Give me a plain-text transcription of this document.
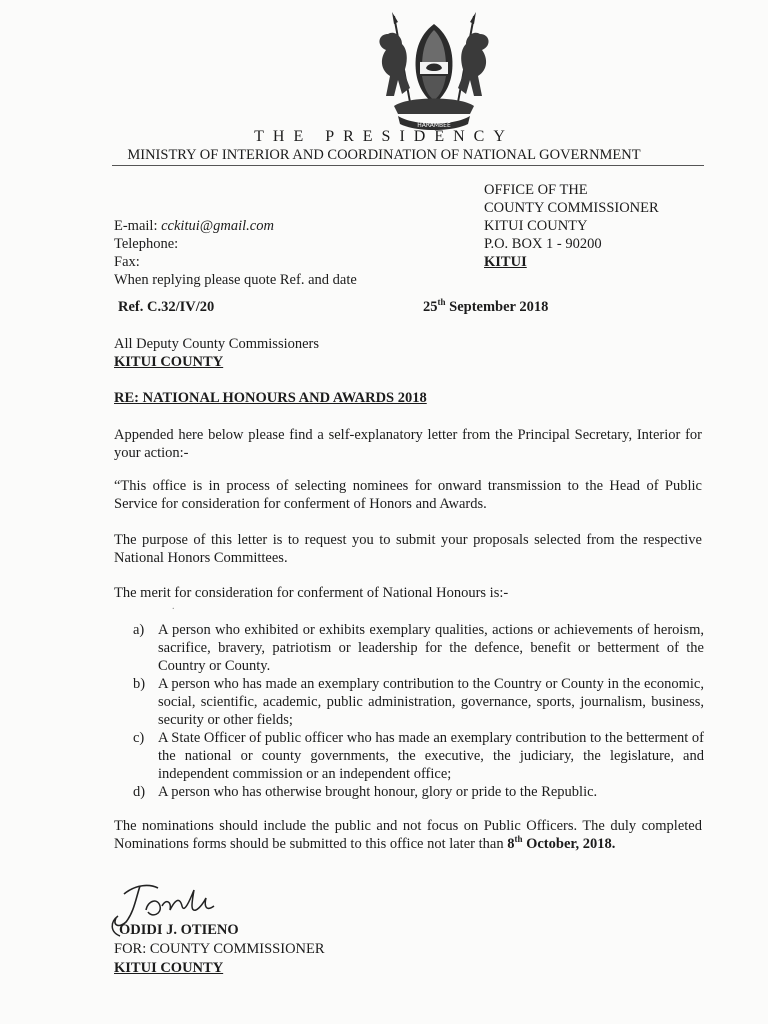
HARAMBEE
THE PRESIDENCY
MINISTRY OF INTERIOR AND COORDINATION OF NATIONAL GOVERNMENT
OFFICE OF THE
COUNTY COMMISSIONER
KITUI COUNTY
P.O. BOX 1 - 90200
KITUI
E-mail: cckitui@gmail.com
Telephone:
Fax:
When replying please quote Ref. and date
Ref. C.32/IV/20	25th September 2018
All Deputy County Commissioners
KITUI COUNTY
RE: NATIONAL HONOURS AND AWARDS 2018
Appended here below please find a self-explanatory letter from the Principal Secretary, Interior for your action:-
“This office is in process of selecting nominees for onward transmission to the Head of Public Service for consideration for conferment of Honors and Awards.
The purpose of this letter is to request you to submit your proposals selected from the respective National Honors Committees.
The merit for consideration for conferment of National Honours is:-
.
a) A person who exhibited or exhibits exemplary qualities, actions or achievements of heroism, sacrifice, bravery, patriotism or leadership for the defence, benefit or betterment of the Country or County.
b) A person who has made an exemplary contribution to the Country or County in the economic, social, scientific, academic, public administration, governance, sports, journalism, business, security or other fields;
c) A State Officer of public officer who has made an exemplary contribution to the betterment of the national or county governments, the executive, the judiciary, the legislature, and independent commission or an independent office;
d) A person who has otherwise brought honour, glory or pride to the Republic.
The nominations should include the public and not focus on Public Officers. The duly completed Nominations forms should be submitted to this office not later than 8th October, 2018.
ODIDI J. OTIENO
FOR: COUNTY COMMISSIONER
KITUI COUNTY
